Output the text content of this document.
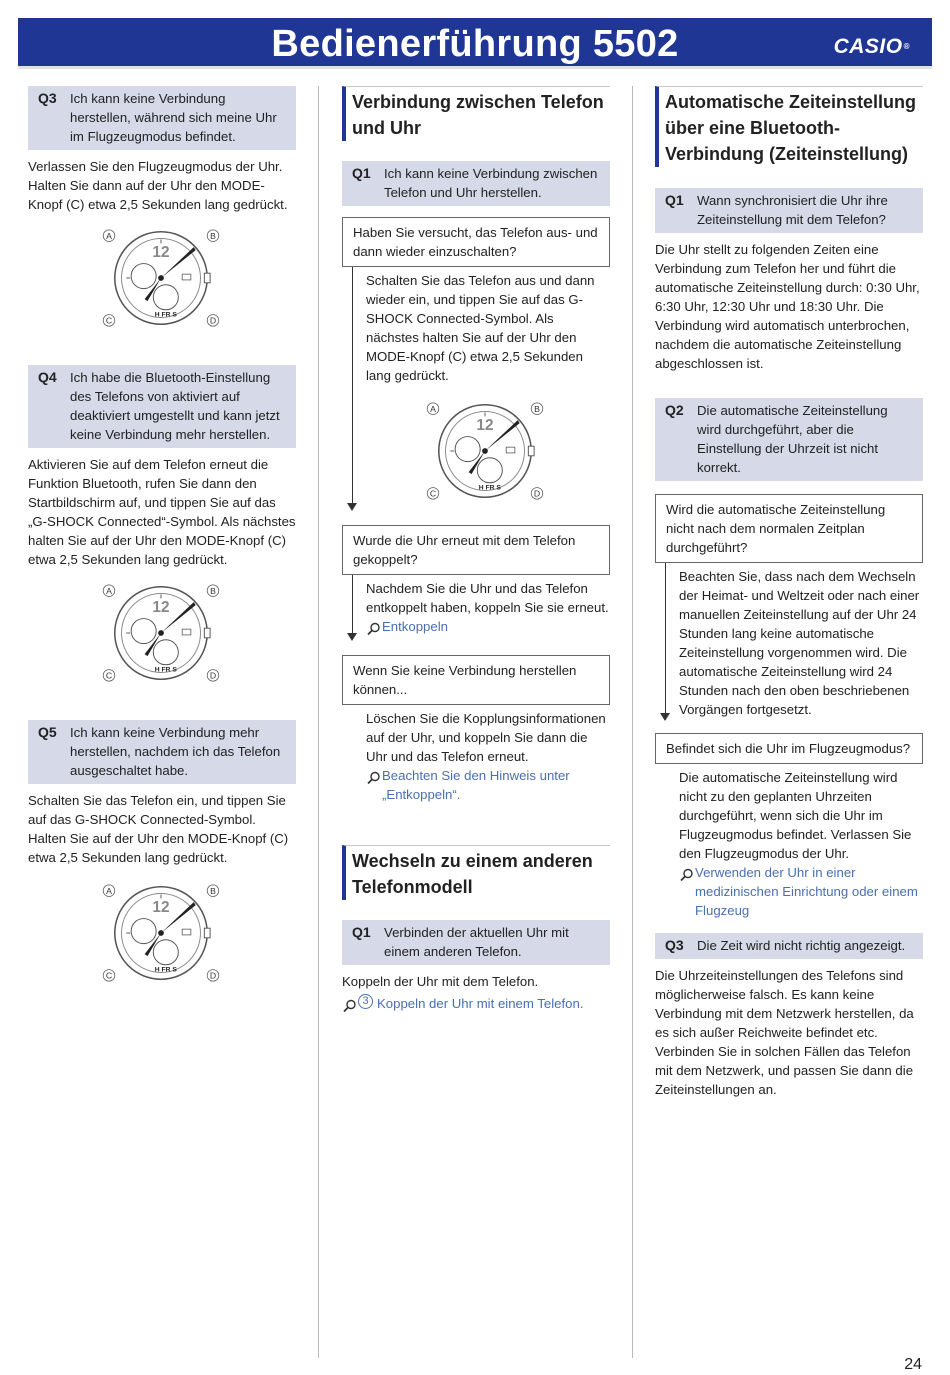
Bedienerführung 5502	CASIO®
Q3	Ich kann keine Verbindung herstellen, während sich meine Uhr im Flugzeugmodus befindet.
Verlassen Sie den Flugzeugmodus der Uhr. Halten Sie dann auf der Uhr den MODE-Knopf (C) etwa 2,5 Sekunden lang gedrückt.
A	B
C	D
12
H FR S
Q4	Ich habe die Bluetooth-Einstellung des Telefons von aktiviert auf deaktiviert umgestellt und kann jetzt keine Verbindung mehr herstellen.
Aktivieren Sie auf dem Telefon erneut die Funktion Bluetooth, rufen Sie dann den Startbildschirm auf, und tippen Sie auf das „G-SHOCK Connected“-Symbol. Als nächstes halten Sie auf der Uhr den MODE-Knopf (C) etwa 2,5 Sekunden lang gedrückt.
A	B
C	D
12
H FR S
Q5	Ich kann keine Verbindung mehr herstellen, nachdem ich das Telefon ausgeschaltet habe.
Schalten Sie das Telefon ein, und tippen Sie auf das G-SHOCK Connected-Symbol. Halten Sie auf der Uhr den MODE-Knopf (C) etwa 2,5 Sekunden lang gedrückt.
A	B
C	D
12
H FR S
Verbindung zwischen Telefon und Uhr
Q1	Ich kann keine Verbindung zwischen Telefon und Uhr herstellen.
Haben Sie versucht, das Telefon aus- und dann wieder einzuschalten?
Schalten Sie das Telefon aus und dann wieder ein, und tippen Sie auf das G-SHOCK Connected-Symbol. Als nächstes halten Sie auf der Uhr den MODE-Knopf (C) etwa 2,5 Sekunden lang gedrückt.
A	B
C	D
12
H FR S
Wurde die Uhr erneut mit dem Telefon gekoppelt?
Nachdem Sie die Uhr und das Telefon entkoppelt haben, koppeln Sie sie erneut.
Entkoppeln
Wenn Sie keine Verbindung herstellen können...
Löschen Sie die Kopplungsinformationen auf der Uhr, und koppeln Sie dann die Uhr und das Telefon erneut.
Beachten Sie den Hinweis unter „Entkoppeln“.
Wechseln zu einem anderen Telefonmodell
Q1	Verbinden der aktuellen Uhr mit einem anderen Telefon.
Koppeln der Uhr mit dem Telefon.
3 Koppeln der Uhr mit einem Telefon.
Automatische Zeiteinstellung über eine Bluetooth-Verbindung (Zeiteinstellung)
Q1	Wann synchronisiert die Uhr ihre Zeiteinstellung mit dem Telefon?
Die Uhr stellt zu folgenden Zeiten eine Verbindung zum Telefon her und führt die automatische Zeiteinstellung durch: 0:30 Uhr, 6:30 Uhr, 12:30 Uhr und 18:30 Uhr. Die Verbindung wird automatisch unterbrochen, nachdem die automatische Zeiteinstellung abgeschlossen ist.
Q2	Die automatische Zeiteinstellung wird durchgeführt, aber die Einstellung der Uhrzeit ist nicht korrekt.
Wird die automatische Zeiteinstellung nicht nach dem normalen Zeitplan durchgeführt?
Beachten Sie, dass nach dem Wechseln der Heimat- und Weltzeit oder nach einer manuellen Zeiteinstellung auf der Uhr 24 Stunden lang keine automatische Zeiteinstellung vorgenommen wird. Die automatische Zeiteinstellung wird 24 Stunden nach den oben beschriebenen Vorgängen fortgesetzt.
Befindet sich die Uhr im Flugzeugmodus?
Die automatische Zeiteinstellung wird nicht zu den geplanten Uhrzeiten durchgeführt, wenn sich die Uhr im Flugzeugmodus befindet. Verlassen Sie den Flugzeugmodus der Uhr.
Verwenden der Uhr in einer medizinischen Einrichtung oder einem Flugzeug
Q3	Die Zeit wird nicht richtig angezeigt.
Die Uhrzeiteinstellungen des Telefons sind möglicherweise falsch. Es kann keine Verbindung mit dem Netzwerk herstellen, da es sich außer Reichweite befindet etc. Verbinden Sie in solchen Fällen das Telefon mit dem Netzwerk, und passen Sie dann die Zeiteinstellungen an.
24
